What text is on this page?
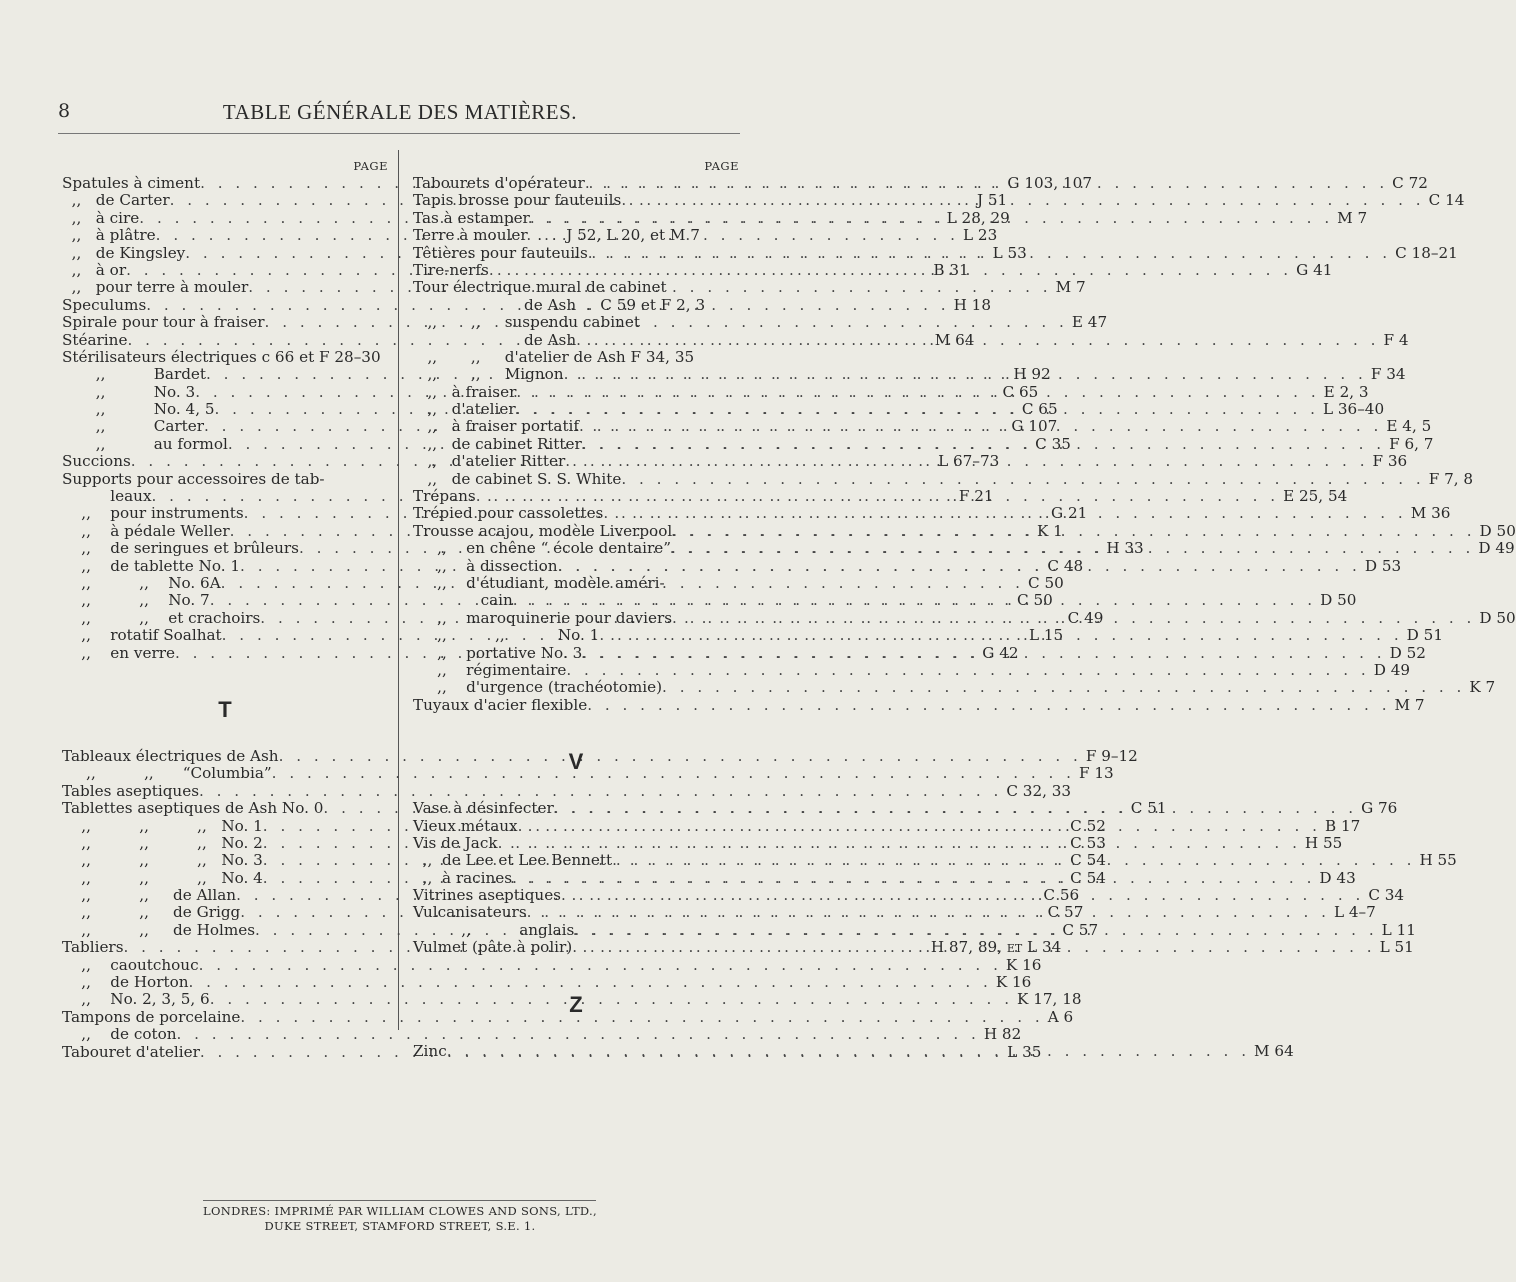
8	TABLE GÉNÉRALE DES MATIÈRES.
PAGE
Spatules à ciment . . .	G 103, 107
,,   de Carter . . .	J 51
,,   à cire . . .	L 28, 29
,,   à plâtre . . .	L 23
,,   de Kingsley . . .	L 53
,,   à or . . .	B 31
,,   pour terre à mouler . . .	M 7
Speculums . . .	H 18
Spirale pour tour à fraiser . . .	E 47
Stéarine . . .	M 64
Stérilisateurs électriques c 66 et F 28–30
,,          Bardet . . .	H 92
,,          No. 3 . . .	C 65
,,          No. 4, 5 . . .	C 65
,,          Carter . . .	G 107
,,          au formol . . .	C 35
Succions . . .	L 67–73
Supports pour accessoires de tab-
leaux . . .	F 21
,,    pour instruments . . .	G 21
,,    à pédale Weller . . .	K 1
,,    de seringues et brûleurs . . .	H 33
,,    de tablette No. 1 . . .	C 48
,,          ,,    No. 6A . . .	C 50
,,          ,,    No. 7 . . .	C 50
,,          ,,    et crachoirs . . .	C 49
,,    rotatif Soalhat . . .	L 15
,,    en verre . . .	G 42
T
Tableaux électriques de Ash . . .	F 9–12
,,          ,,      “Columbia” . . .	F 13
Tables aseptiques . . .	C 32, 33
Tablettes aseptiques de Ash No. 0 . . .	C 51
,,          ,,          ,,   No. 1 . . .	C 52
,,          ,,          ,,   No. 2 . . .	C 53
,,          ,,          ,,   No. 3 . . .	C 54
,,          ,,          ,,   No. 4 . . .	C 54
,,          ,,     de Allan . . .	C 56
,,          ,,     de Grigg . . .	C 57
,,          ,,     de Holmes . . .	C 57
Tabliers . . .	H 87, 89, et L 34
,,    caoutchouc . . .	K 16
,,    de Horton . . .	K 16
,,    No. 2, 3, 5, 6 . . .	K 17, 18
Tampons de porcelaine . . .	A 6
,,    de coton . . .	H 82
Tabouret d'atelier . . .	L 35
PAGE
Tabourets d'opérateur . . .	C 72
Tapis brosse pour fauteuils . . .	C 14
Tas à estamper . . .	M 7
Terre à mouler  .  .  J 52, L 20, et M 7
Têtières pour fauteuils . . .	C 18–21
Tire-nerfs . . .	G 41
Tour électrique mural de cabinet
de Ash  .  C 59 et F 2, 3
,,       ,,     suspendu cabinet
de Ash . . .	F 4
,,       ,,     d'atelier de Ash F 34, 35
,,       ,,     Mignon . . .	F 34
,,   à fraiser . . .	E 2, 3
,,   d'atelier . . .	L 36–40
,,   à fraiser portatif . . .	E 4, 5
,,   de cabinet Ritter . . .	F 6, 7
,,   d'atelier Ritter . . .	F 36
,,   de cabinet S. S. White . . .	F 7, 8
Trépans . . .	E 25, 54
Trépied pour cassolettes . . .	M 36
Trousse acajou, modèle Liverpool . . .	D 50
,,    en chêne “ école dentaire” . . .	D 49
,,    à dissection . . .	D 53
,,    d'étudiant, modèle améri-
cain . . .	D 50
,,    maroquinerie pour daviers . . .	D 50
,,          ,,           No. 1 . . .	D 51
,,    portative No. 3 . . .	D 52
,,    régimentaire . . .	D 49
,,    d'urgence (trachéotomie) . . .	K 7
Tuyaux d'acier flexible . . .	M 7
V
Vase à désinfecter . . .	G 76
Vieux métaux . . .	B 17
Vis de Jack . . .	H 55
,,  de Lee et Lee Bennett . . .	H 55
,,  à racines . . .	D 43
Vitrines aseptiques . . .	C 34
Vulcanisateurs . . .	L 4–7
,,          anglais . . .	L 11
Vulmet (pâte à polir) . . .	L 51
Z
Zinc . . .	M 64
LONDRES: IMPRIMÉ PAR WILLIAM CLOWES AND SONS, LTD.,
DUKE STREET, STAMFORD STREET, S.E. 1.
